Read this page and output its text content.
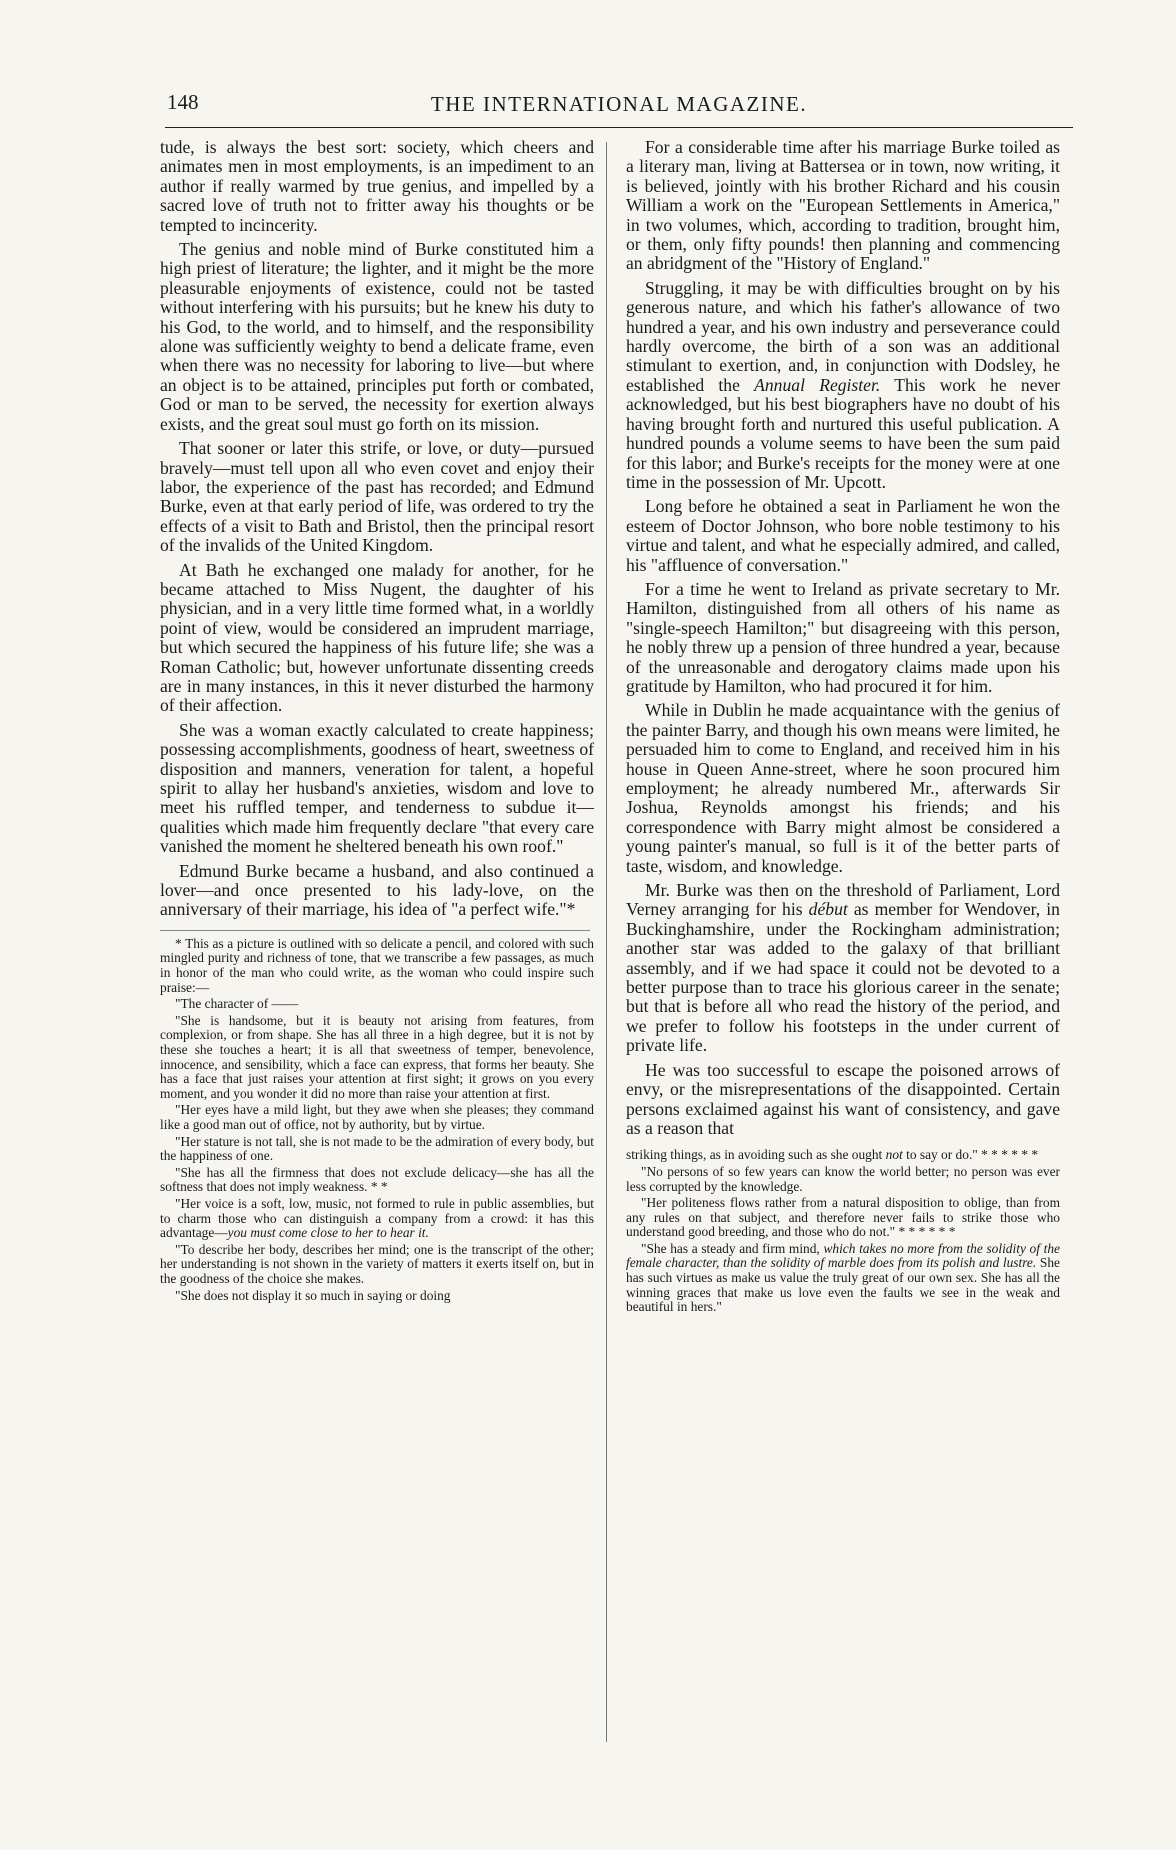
148	THE INTERNATIONAL MAGAZINE.

tude, is always the best sort: society, which cheers and animates men in most employments, is an impediment to an author if really warmed by true genius, and impelled by a sacred love of truth not to fritter away his thoughts or be tempted to incincerity.

The genius and noble mind of Burke constituted him a high priest of literature; the lighter, and it might be the more pleasurable enjoyments of existence, could not be tasted without interfering with his pursuits; but he knew his duty to his God, to the world, and to himself, and the responsibility alone was sufficiently weighty to bend a delicate frame, even when there was no necessity for laboring to live—but where an object is to be attained, principles put forth or combated, God or man to be served, the necessity for exertion always exists, and the great soul must go forth on its mission.

That sooner or later this strife, or love, or duty—pursued bravely—must tell upon all who even covet and enjoy their labor, the experience of the past has recorded; and Edmund Burke, even at that early period of life, was ordered to try the effects of a visit to Bath and Bristol, then the principal resort of the invalids of the United Kingdom.

At Bath he exchanged one malady for another, for he became attached to Miss Nugent, the daughter of his physician, and in a very little time formed what, in a worldly point of view, would be considered an imprudent marriage, but which secured the happiness of his future life; she was a Roman Catholic; but, however unfortunate dissenting creeds are in many instances, in this it never disturbed the harmony of their affection.

She was a woman exactly calculated to create happiness; possessing accomplishments, goodness of heart, sweetness of disposition and manners, veneration for talent, a hopeful spirit to allay her husband's anxieties, wisdom and love to meet his ruffled temper, and tenderness to subdue it—qualities which made him frequently declare "that every care vanished the moment he sheltered beneath his own roof."

Edmund Burke became a husband, and also continued a lover—and once presented to his lady-love, on the anniversary of their marriage, his idea of "a perfect wife."*

* This as a picture is outlined with so delicate a pencil, and colored with such mingled purity and richness of tone, that we transcribe a few passages, as much in honor of the man who could write, as the woman who could inspire such praise:—

"The character of ——

"She is handsome, but it is beauty not arising from features, from complexion, or from shape. She has all three in a high degree, but it is not by these she touches a heart; it is all that sweetness of temper, benevolence, innocence, and sensibility, which a face can express, that forms her beauty. She has a face that just raises your attention at first sight; it grows on you every moment, and you wonder it did no more than raise your attention at first.

"Her eyes have a mild light, but they awe when she pleases; they command like a good man out of office, not by authority, but by virtue.

"Her stature is not tall, she is not made to be the admiration of every body, but the happiness of one.

"She has all the firmness that does not exclude delicacy—she has all the softness that does not imply weakness. * *

"Her voice is a soft, low, music, not formed to rule in public assemblies, but to charm those who can distinguish a company from a crowd: it has this advantage—you must come close to her to hear it.

"To describe her body, describes her mind; one is the transcript of the other; her understanding is not shown in the variety of matters it exerts itself on, but in the goodness of the choice she makes.

"She does not display it so much in saying or doing

For a considerable time after his marriage Burke toiled as a literary man, living at Battersea or in town, now writing, it is believed, jointly with his brother Richard and his cousin William a work on the "European Settlements in America," in two volumes, which, according to tradition, brought him, or them, only fifty pounds! then planning and commencing an abridgment of the "History of England."

Struggling, it may be with difficulties brought on by his generous nature, and which his father's allowance of two hundred a year, and his own industry and perseverance could hardly overcome, the birth of a son was an additional stimulant to exertion, and, in conjunction with Dodsley, he established the Annual Register. This work he never acknowledged, but his best biographers have no doubt of his having brought forth and nurtured this useful publication. A hundred pounds a volume seems to have been the sum paid for this labor; and Burke's receipts for the money were at one time in the possession of Mr. Upcott.

Long before he obtained a seat in Parliament he won the esteem of Doctor Johnson, who bore noble testimony to his virtue and talent, and what he especially admired, and called, his "affluence of conversation."

For a time he went to Ireland as private secretary to Mr. Hamilton, distinguished from all others of his name as "single-speech Hamilton;" but disagreeing with this person, he nobly threw up a pension of three hundred a year, because of the unreasonable and derogatory claims made upon his gratitude by Hamilton, who had procured it for him.

While in Dublin he made acquaintance with the genius of the painter Barry, and though his own means were limited, he persuaded him to come to England, and received him in his house in Queen Anne-street, where he soon procured him employment; he already numbered Mr., afterwards Sir Joshua, Reynolds amongst his friends; and his correspondence with Barry might almost be considered a young painter's manual, so full is it of the better parts of taste, wisdom, and knowledge.

Mr. Burke was then on the threshold of Parliament, Lord Verney arranging for his début as member for Wendover, in Buckinghamshire, under the Rockingham administration; another star was added to the galaxy of that brilliant assembly, and if we had space it could not be devoted to a better purpose than to trace his glorious career in the senate; but that is before all who read the history of the period, and we prefer to follow his footsteps in the under current of private life.

He was too successful to escape the poisoned arrows of envy, or the misrepresentations of the disappointed. Certain persons exclaimed against his want of consistency, and gave as a reason that

striking things, as in avoiding such as she ought not to say or do." * * * * * *

"No persons of so few years can know the world better; no person was ever less corrupted by the knowledge.

"Her politeness flows rather from a natural disposition to oblige, than from any rules on that subject, and therefore never fails to strike those who understand good breeding, and those who do not." * * * * * *

"She has a steady and firm mind, which takes no more from the solidity of the female character, than the solidity of marble does from its polish and lustre. She has such virtues as make us value the truly great of our own sex. She has all the winning graces that make us love even the faults we see in the weak and beautiful in hers."
